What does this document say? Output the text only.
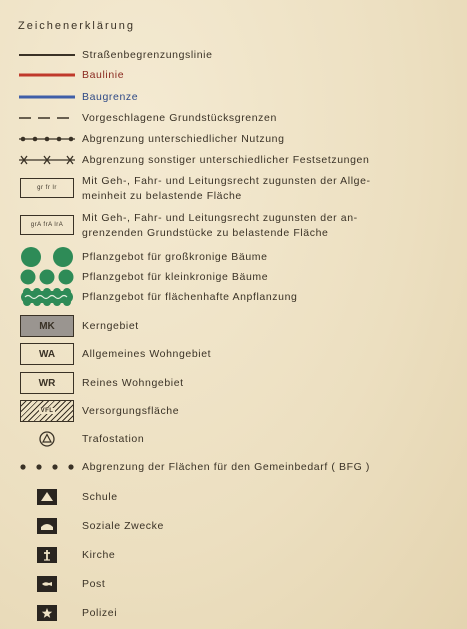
Zeichenerklärung
Straßenbegrenzungslinie
Baulinie
Baugrenze
Vorgeschlagene Grundstücksgrenzen
Abgrenzung unterschiedlicher Nutzung
Abgrenzung sonstiger unterschiedlicher Festsetzungen
gr fr lr
Mit Geh-, Fahr- und Leitungsrecht zugunsten der Allge-
meinheit zu belastende Fläche
grA frA lrA
Mit Geh-, Fahr- und Leitungsrecht zugunsten der an-
grenzenden Grundstücke zu belastende Fläche
Pflanzgebot für großkronige Bäume
Pflanzgebot für kleinkronige Bäume
Pflanzgebot für flächenhafte Anpflanzung
MK	Kerngebiet
WA	Allgemeines Wohngebiet
WR	Reines Wohngebiet
VFL	Versorgungsfläche
Trafostation
Abgrenzung der Flächen für den Gemeinbedarf ( BFG )
Schule
Soziale Zwecke
Kirche
Post
Polizei
